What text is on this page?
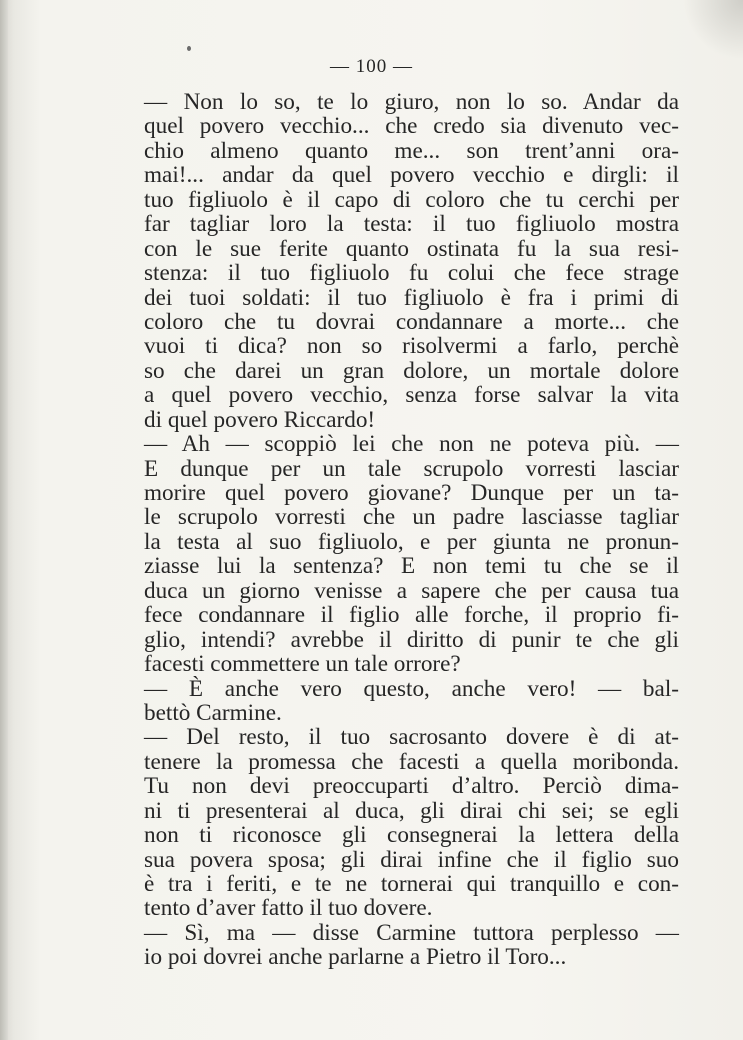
— 100 —
— Non lo so, te lo giuro, non lo so. Andar da
quel povero vecchio... che credo sia divenuto vec-
chio almeno quanto me... son trent’anni ora-
mai!... andar da quel povero vecchio e dirgli: il
tuo figliuolo è il capo di coloro che tu cerchi per
far tagliar loro la testa: il tuo figliuolo mostra
con le sue ferite quanto ostinata fu la sua resi-
stenza: il tuo figliuolo fu colui che fece strage
dei tuoi soldati: il tuo figliuolo è fra i primi di
coloro che tu dovrai condannare a morte... che
vuoi ti dica? non so risolvermi a farlo, perchè
so che darei un gran dolore, un mortale dolore
a quel povero vecchio, senza forse salvar la vita
di quel povero Riccardo!
— Ah — scoppiò lei che non ne poteva più. —
E dunque per un tale scrupolo vorresti lasciar
morire quel povero giovane? Dunque per un ta-
le scrupolo vorresti che un padre lasciasse tagliar
la testa al suo figliuolo, e per giunta ne pronun-
ziasse lui la sentenza? E non temi tu che se il
duca un giorno venisse a sapere che per causa tua
fece condannare il figlio alle forche, il proprio fi-
glio, intendi? avrebbe il diritto di punir te che gli
facesti commettere un tale orrore?
— È anche vero questo, anche vero! — bal-
bettò Carmine.
— Del resto, il tuo sacrosanto dovere è di at-
tenere la promessa che facesti a quella moribonda.
Tu non devi preoccuparti d’altro. Perciò dima-
ni ti presenterai al duca, gli dirai chi sei; se egli
non ti riconosce gli consegnerai la lettera della
sua povera sposa; gli dirai infine che il figlio suo
è tra i feriti, e te ne tornerai qui tranquillo e con-
tento d’aver fatto il tuo dovere.
— Sì, ma — disse Carmine tuttora perplesso —
io poi dovrei anche parlarne a Pietro il Toro...
